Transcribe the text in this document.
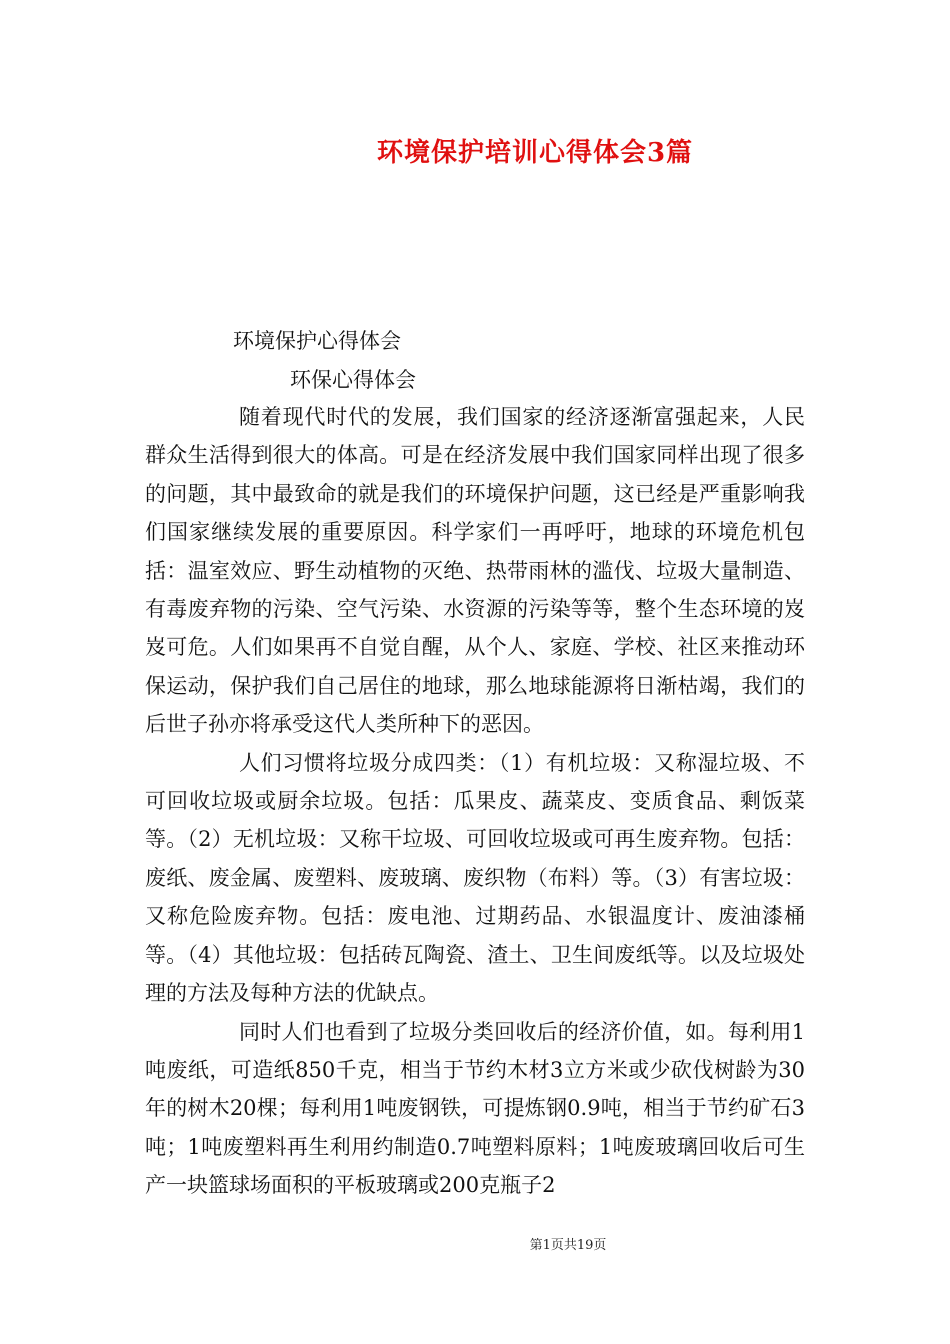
环境保护培训心得体会3篇
环境保护心得体会
环保心得体会

随着现代时代的发展，我们国家的经济逐渐富强起来，人民群众生活得到很大的体高。可是在经济发展中我们国家同样出现了很多的问题，其中最致命的就是我们的环境保护问题，这已经是严重影响我们国家继续发展的重要原因。科学家们一再呼吁，地球的环境危机包括：温室效应、野生动植物的灭绝、热带雨林的滥伐、垃圾大量制造、有毒废弃物的污染、空气污染、水资源的污染等等，整个生态环境的岌岌可危。人们如果再不自觉自醒，从个人、家庭、学校、社区来推动环保运动，保护我们自己居住的地球，那么地球能源将日渐枯竭，我们的后世子孙亦将承受这代人类所种下的恶因。

人们习惯将垃圾分成四类：（1）有机垃圾：又称湿垃圾、不可回收垃圾或厨余垃圾。包括：瓜果皮、蔬菜皮、变质食品、剩饭菜等。（2）无机垃圾：又称干垃圾、可回收垃圾或可再生废弃物。包括：废纸、废金属、废塑料、废玻璃、废织物（布料）等。（3）有害垃圾：又称危险废弃物。包括：废电池、过期药品、水银温度计、废油漆桶等。（4）其他垃圾：包括砖瓦陶瓷、渣土、卫生间废纸等。以及垃圾处理的方法及每种方法的优缺点。

同时人们也看到了垃圾分类回收后的经济价值，如。每利用1吨废纸，可造纸850千克，相当于节约木材3立方米或少砍伐树龄为30年的树木20棵；每利用1吨废钢铁，可提炼钢0.9吨，相当于节约矿石3吨；1吨废塑料再生利用约制造0.7吨塑料原料；1吨废玻璃回收后可生产一块篮球场面积的平板玻璃或200克瓶子2

第1页共19页
